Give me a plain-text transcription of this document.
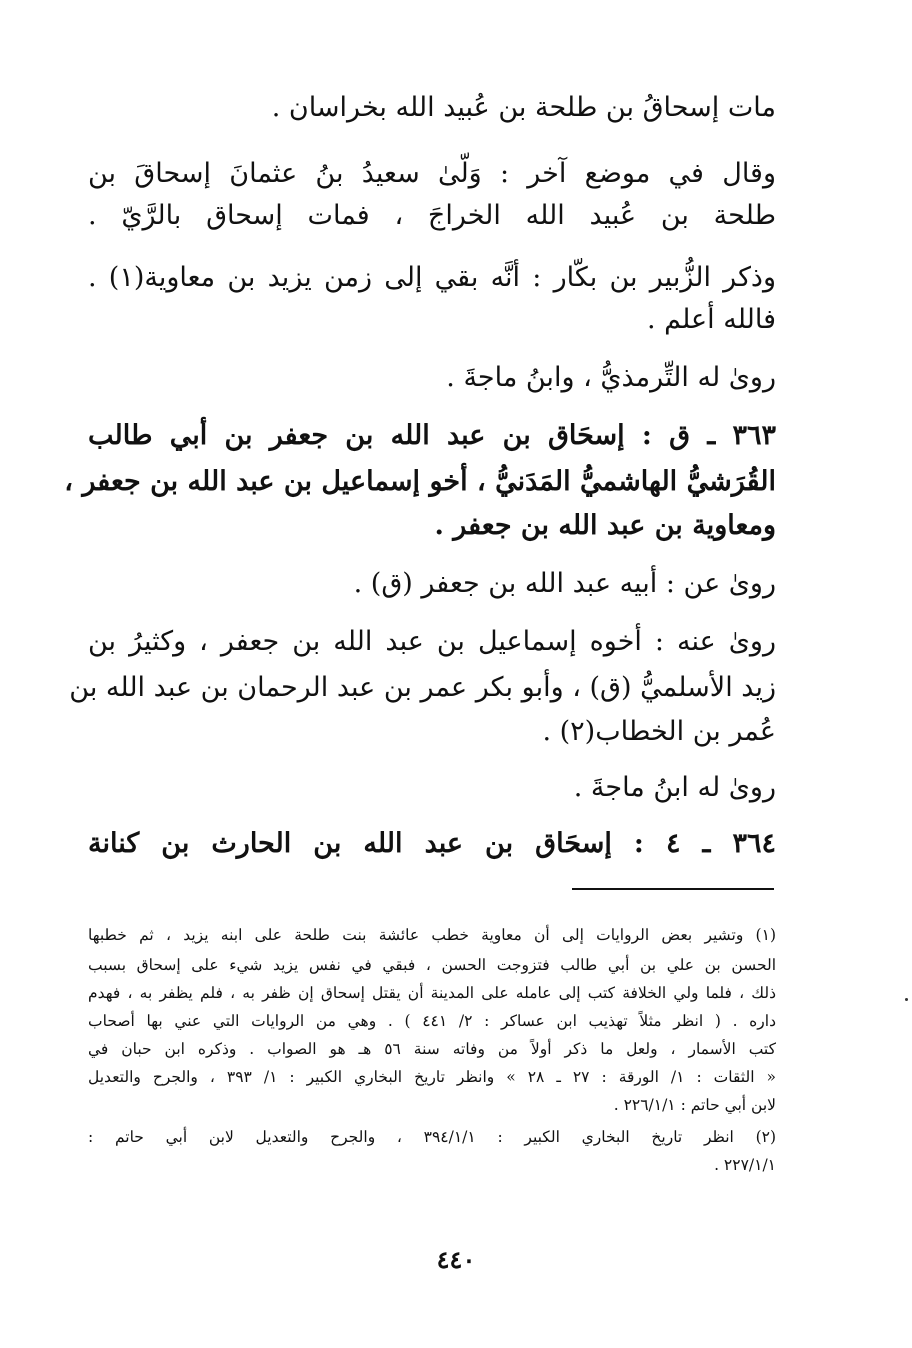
مات إسحاقُ بن طلحة بن عُبيد الله بخراسان .
وقال في موضع آخر : وَلّىٰ سعيدُ بنُ عثمانَ إسحاقَ بن
طلحة بن عُبيد الله الخراجَ ، فمات إسحاق بالرَّيّ .
وذكر الزُّبير بن بكّار : أنَّه بقي إلى زمن يزيد بن معاوية(١) .
فالله أعلم .
روىٰ له التِّرمذيُّ ، وابنُ ماجةَ .
٣٦٣ ـ ق : إسحَاق بن عبد الله بن جعفر بن أبي طالب
القُرَشيُّ الهاشميُّ المَدَنيُّ ، أخو إسماعيل بن عبد الله بن جعفر ،
ومعاوية بن عبد الله بن جعفر .
روىٰ عن : أبيه عبد الله بن جعفر (ق) .
روىٰ عنه : أخوه إسماعيل بن عبد الله بن جعفر ، وكثيرُ بن
زيد الأسلميُّ (ق) ، وأبو بكر عمر بن عبد الرحمان بن عبد الله بن
عُمر بن الخطاب(٢) .
روىٰ له ابنُ ماجةَ .
٣٦٤ ـ ٤ : إسحَاق بن عبد الله بن الحارث بن كنانة
(١) وتشير بعض الروايات إلى أن معاوية خطب عائشة بنت طلحة على ابنه يزيد ، ثم خطبها
الحسن بن علي بن أبي طالب فتزوجت الحسن ، فبقي في نفس يزيد شيء على إسحاق بسبب
ذلك ، فلما ولي الخلافة كتب إلى عامله على المدينة أن يقتل إسحاق إن ظفر به ، فلم يظفر به ، فهدم
داره . ( انظر مثلاً تهذيب ابن عساكر : ٢/ ٤٤١ ) . وهي من الروايات التي عني بها أصحاب
كتب الأسمار ، ولعل ما ذكر أولاً من وفاته سنة ٥٦ هـ هو الصواب . وذكره ابن حبان في
« الثقات : ١/ الورقة : ٢٧ ـ ٢٨ » وانظر تاريخ البخاري الكبير : ١/ ٣٩٣ ، والجرح والتعديل
لابن أبي حاتم : ٢٢٦/١/١ .
(٢) انظر تاريخ البخاري الكبير : ٣٩٤/١/١ ، والجرح والتعديل لابن أبي حاتم :
٢٢٧/١/١ .
٤٤٠
